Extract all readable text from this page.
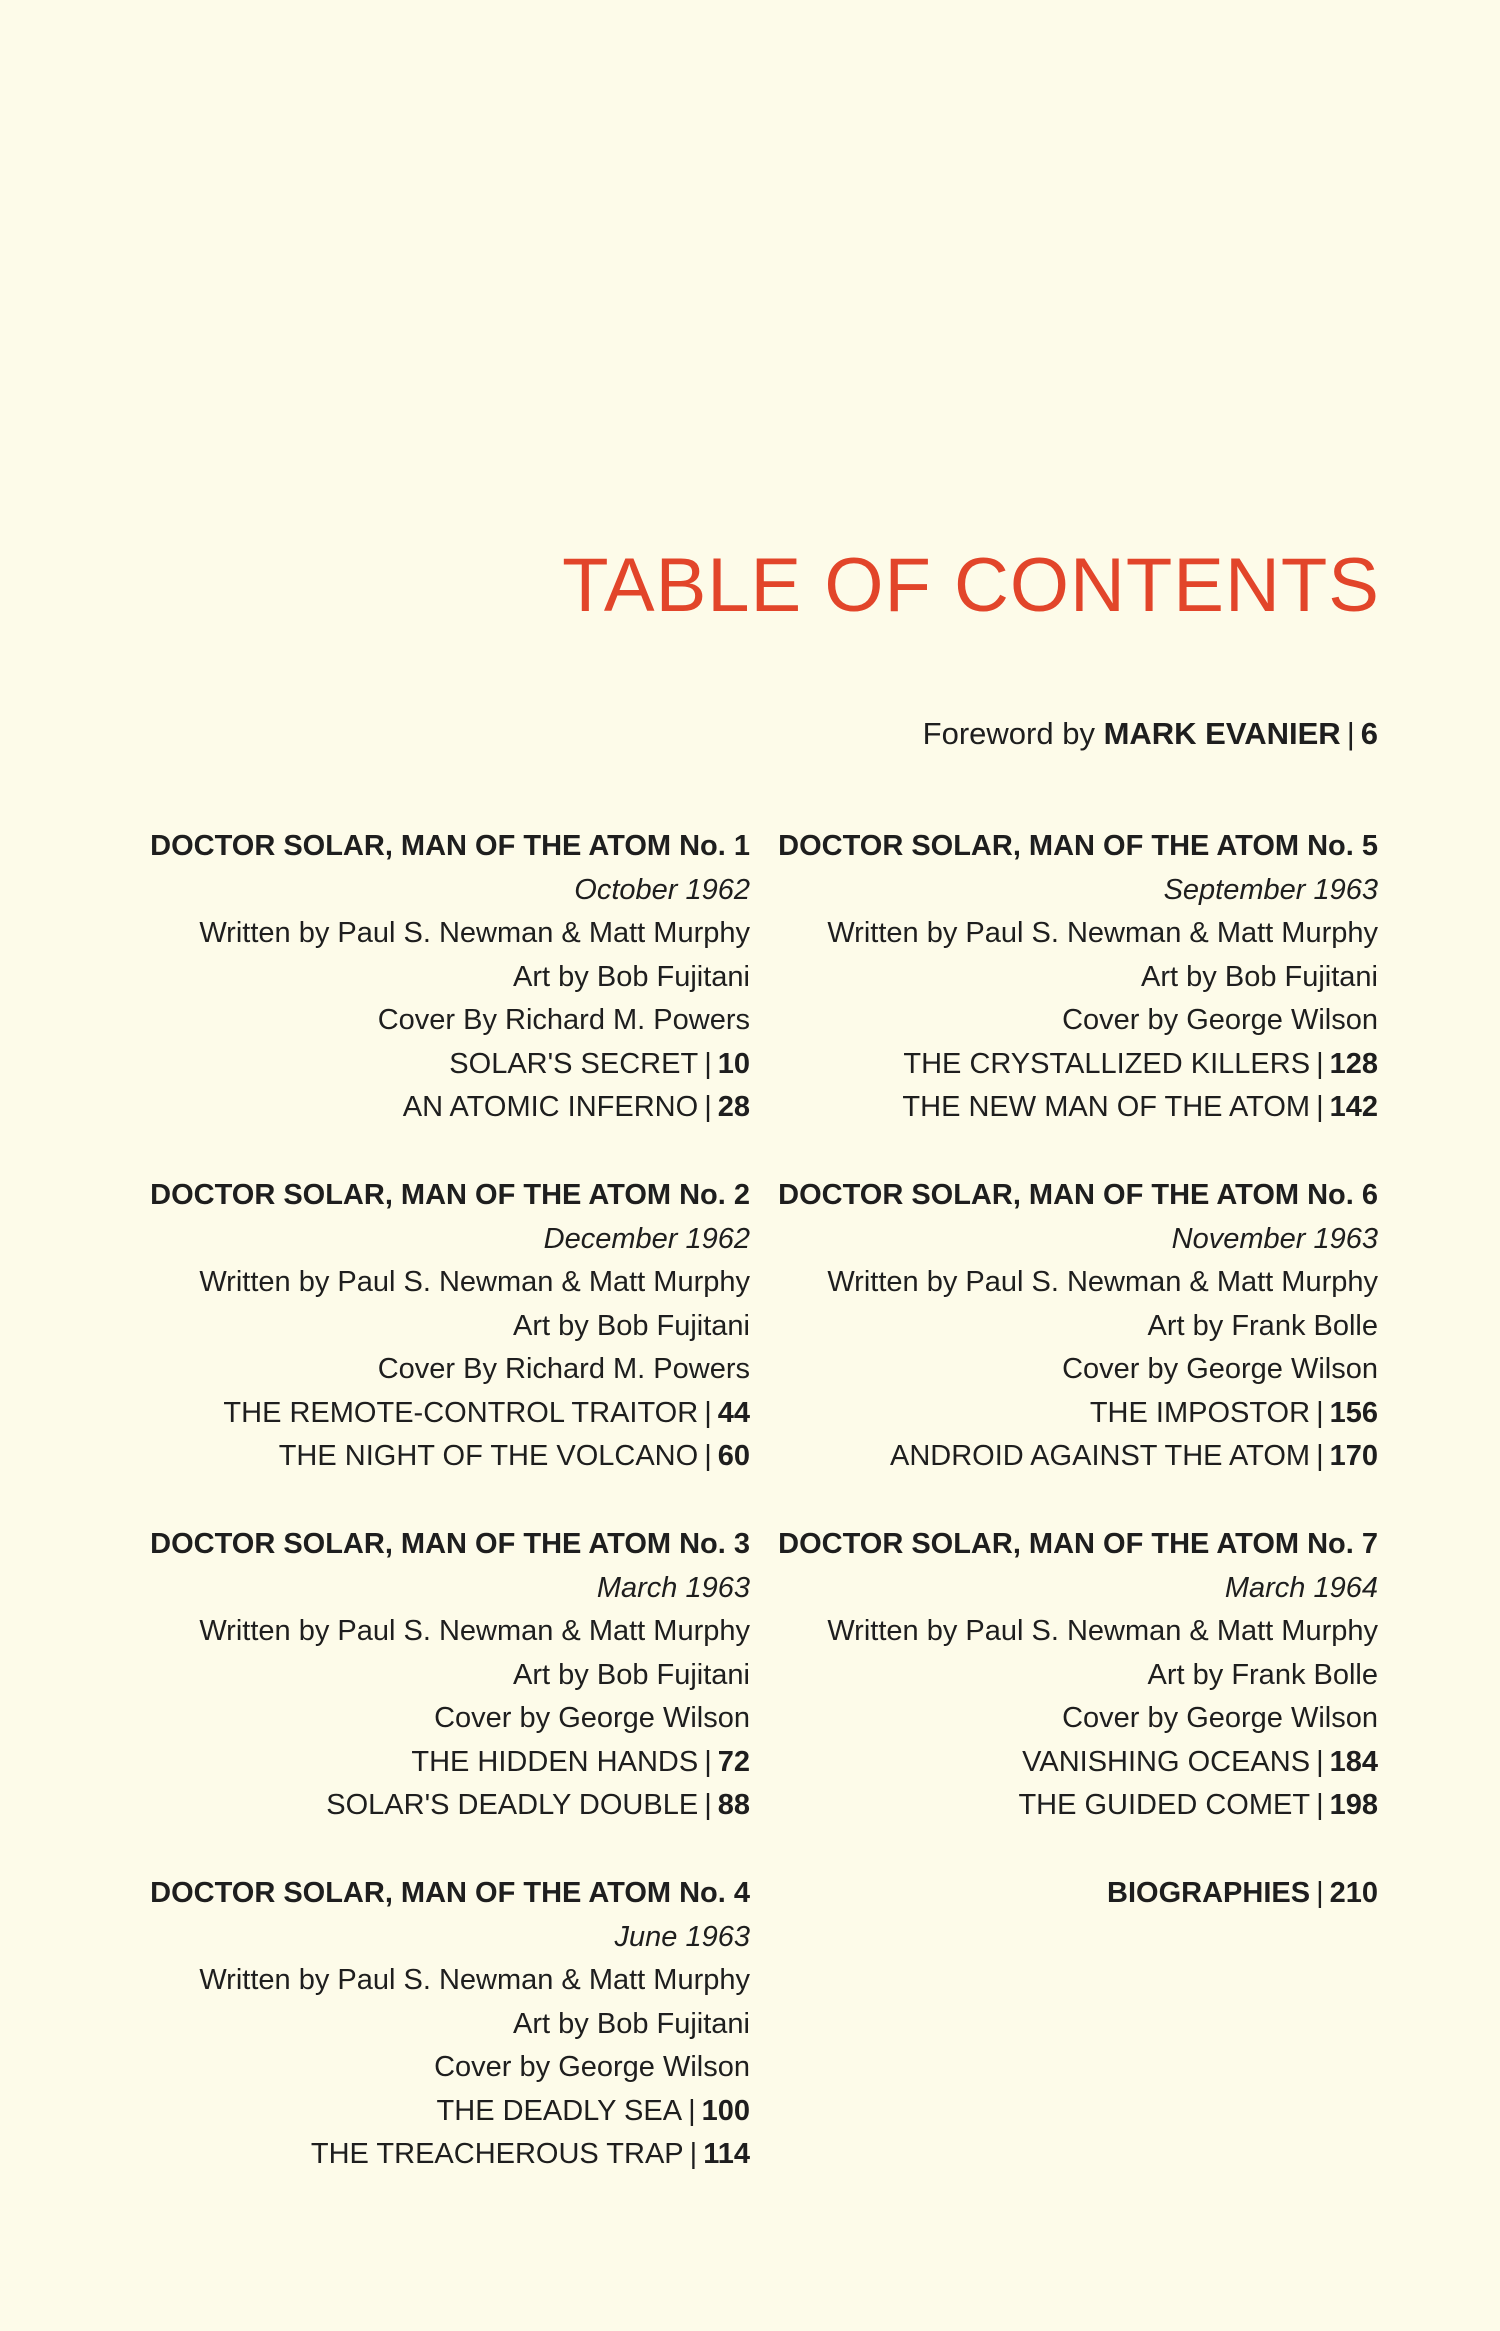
TABLE OF CONTENTS
Foreword by MARK EVANIER | 6
DOCTOR SOLAR, MAN OF THE ATOM No. 1
October 1962
Written by Paul S. Newman & Matt Murphy
Art by Bob Fujitani
Cover By Richard M. Powers
SOLAR'S SECRET | 10
AN ATOMIC INFERNO | 28
DOCTOR SOLAR, MAN OF THE ATOM No. 2
December 1962
Written by Paul S. Newman & Matt Murphy
Art by Bob Fujitani
Cover By Richard M. Powers
THE REMOTE-CONTROL TRAITOR | 44
THE NIGHT OF THE VOLCANO | 60
DOCTOR SOLAR, MAN OF THE ATOM No. 3
March 1963
Written by Paul S. Newman & Matt Murphy
Art by Bob Fujitani
Cover by George Wilson
THE HIDDEN HANDS | 72
SOLAR'S DEADLY DOUBLE | 88
DOCTOR SOLAR, MAN OF THE ATOM No. 4
June 1963
Written by Paul S. Newman & Matt Murphy
Art by Bob Fujitani
Cover by George Wilson
THE DEADLY SEA | 100
THE TREACHEROUS TRAP | 114
DOCTOR SOLAR, MAN OF THE ATOM No. 5
September 1963
Written by Paul S. Newman & Matt Murphy
Art by Bob Fujitani
Cover by George Wilson
THE CRYSTALLIZED KILLERS | 128
THE NEW MAN OF THE ATOM | 142
DOCTOR SOLAR, MAN OF THE ATOM No. 6
November 1963
Written by Paul S. Newman & Matt Murphy
Art by Frank Bolle
Cover by George Wilson
THE IMPOSTOR | 156
ANDROID AGAINST THE ATOM | 170
DOCTOR SOLAR, MAN OF THE ATOM No. 7
March 1964
Written by Paul S. Newman & Matt Murphy
Art by Frank Bolle
Cover by George Wilson
VANISHING OCEANS | 184
THE GUIDED COMET | 198
BIOGRAPHIES | 210
